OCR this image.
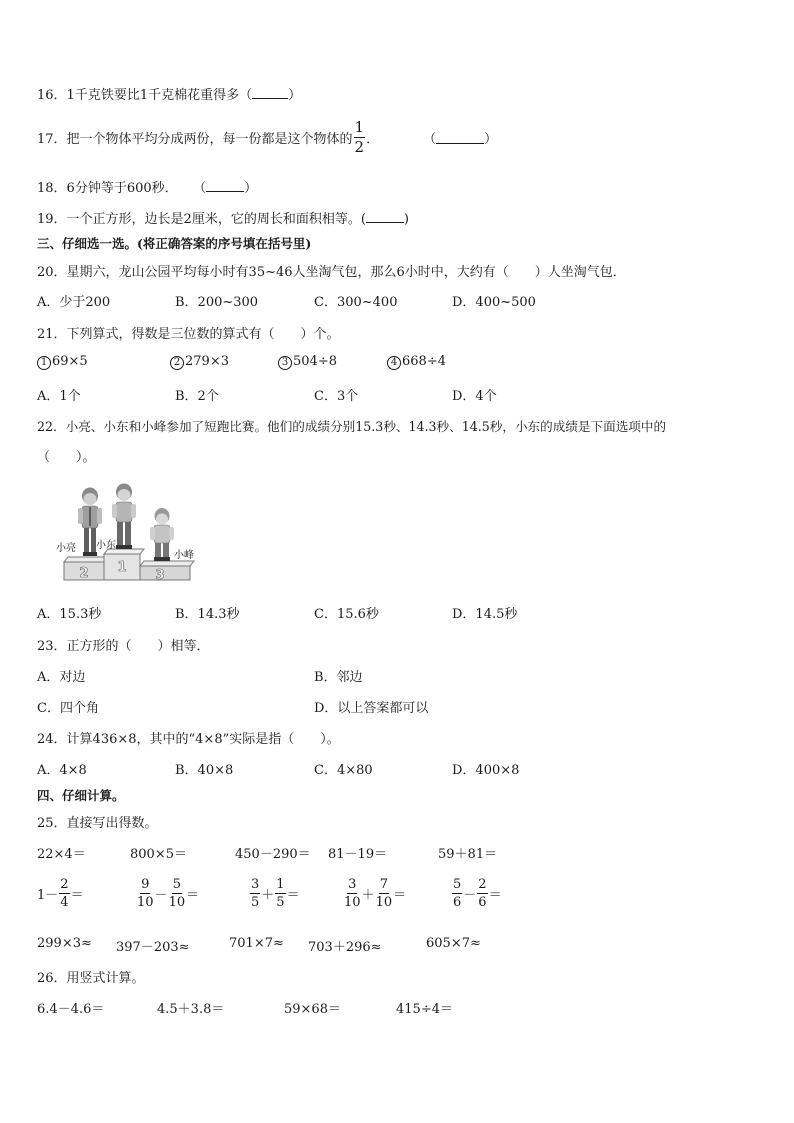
16．1千克铁要比1千克棉花重得多（	）
17．把一个物体平均分成两份，每一份都是这个物体的 $\frac{1}{2}$ ．	（	）
18．6分钟等于600秒． （	）
19．一个正方形，边长是2厘米，它的周长和面积相等。(	)
三、仔细选一选。(将正确答案的序号填在括号里)
20．星期六，龙山公园平均每小时有35~46人坐淘气包，那么6小时中，大约有（　　）人坐淘气包．
A．少于200	B．200~300	C．300~400	D．400~500
21．下列算式，得数是三位数的算式有（　　）个。
1 69×5	2 279×3	3 504÷8	4 668÷4
A．1个	B．2个	C．3个	D．4个
22．小亮、小东和小峰参加了短跑比赛。他们的成绩分别15.3秒、14.3秒、14.5秒，小东的成绩是下面选项中的
（　　）。
2 1
3
小亮 小东
小峰
A．15.3秒	B．14.3秒	C．15.6秒	D．14.5秒
23．正方形的（　　）相等．
A．对边	B．邻边
C．四个角	D．以上答案都可以
24．计算436×8，其中的“4×8”实际是指（　　）。
A．4×8	B．40×8	C．4×80	D．400×8
四、仔细计算。
25．直接写出得数。
22×4＝	800×5＝	450－290＝ 81－19＝	59＋81＝
$1- \frac{2}{4}$ ＝	$\frac{9}{10} - \frac{5}{10}$ ＝	$\frac{3}{5} + \frac{1}{5}$ ＝	$\frac{3}{10} + \frac{7}{10}$ ＝	$\frac{5}{6} - \frac{2}{6}$ ＝
299×3≈ 397－203≈	701×7≈ 703＋296≈	605×7≈
26．用竖式计算。
6.4－4.6＝	4.5＋3.8＝	59×68＝	415÷4＝
